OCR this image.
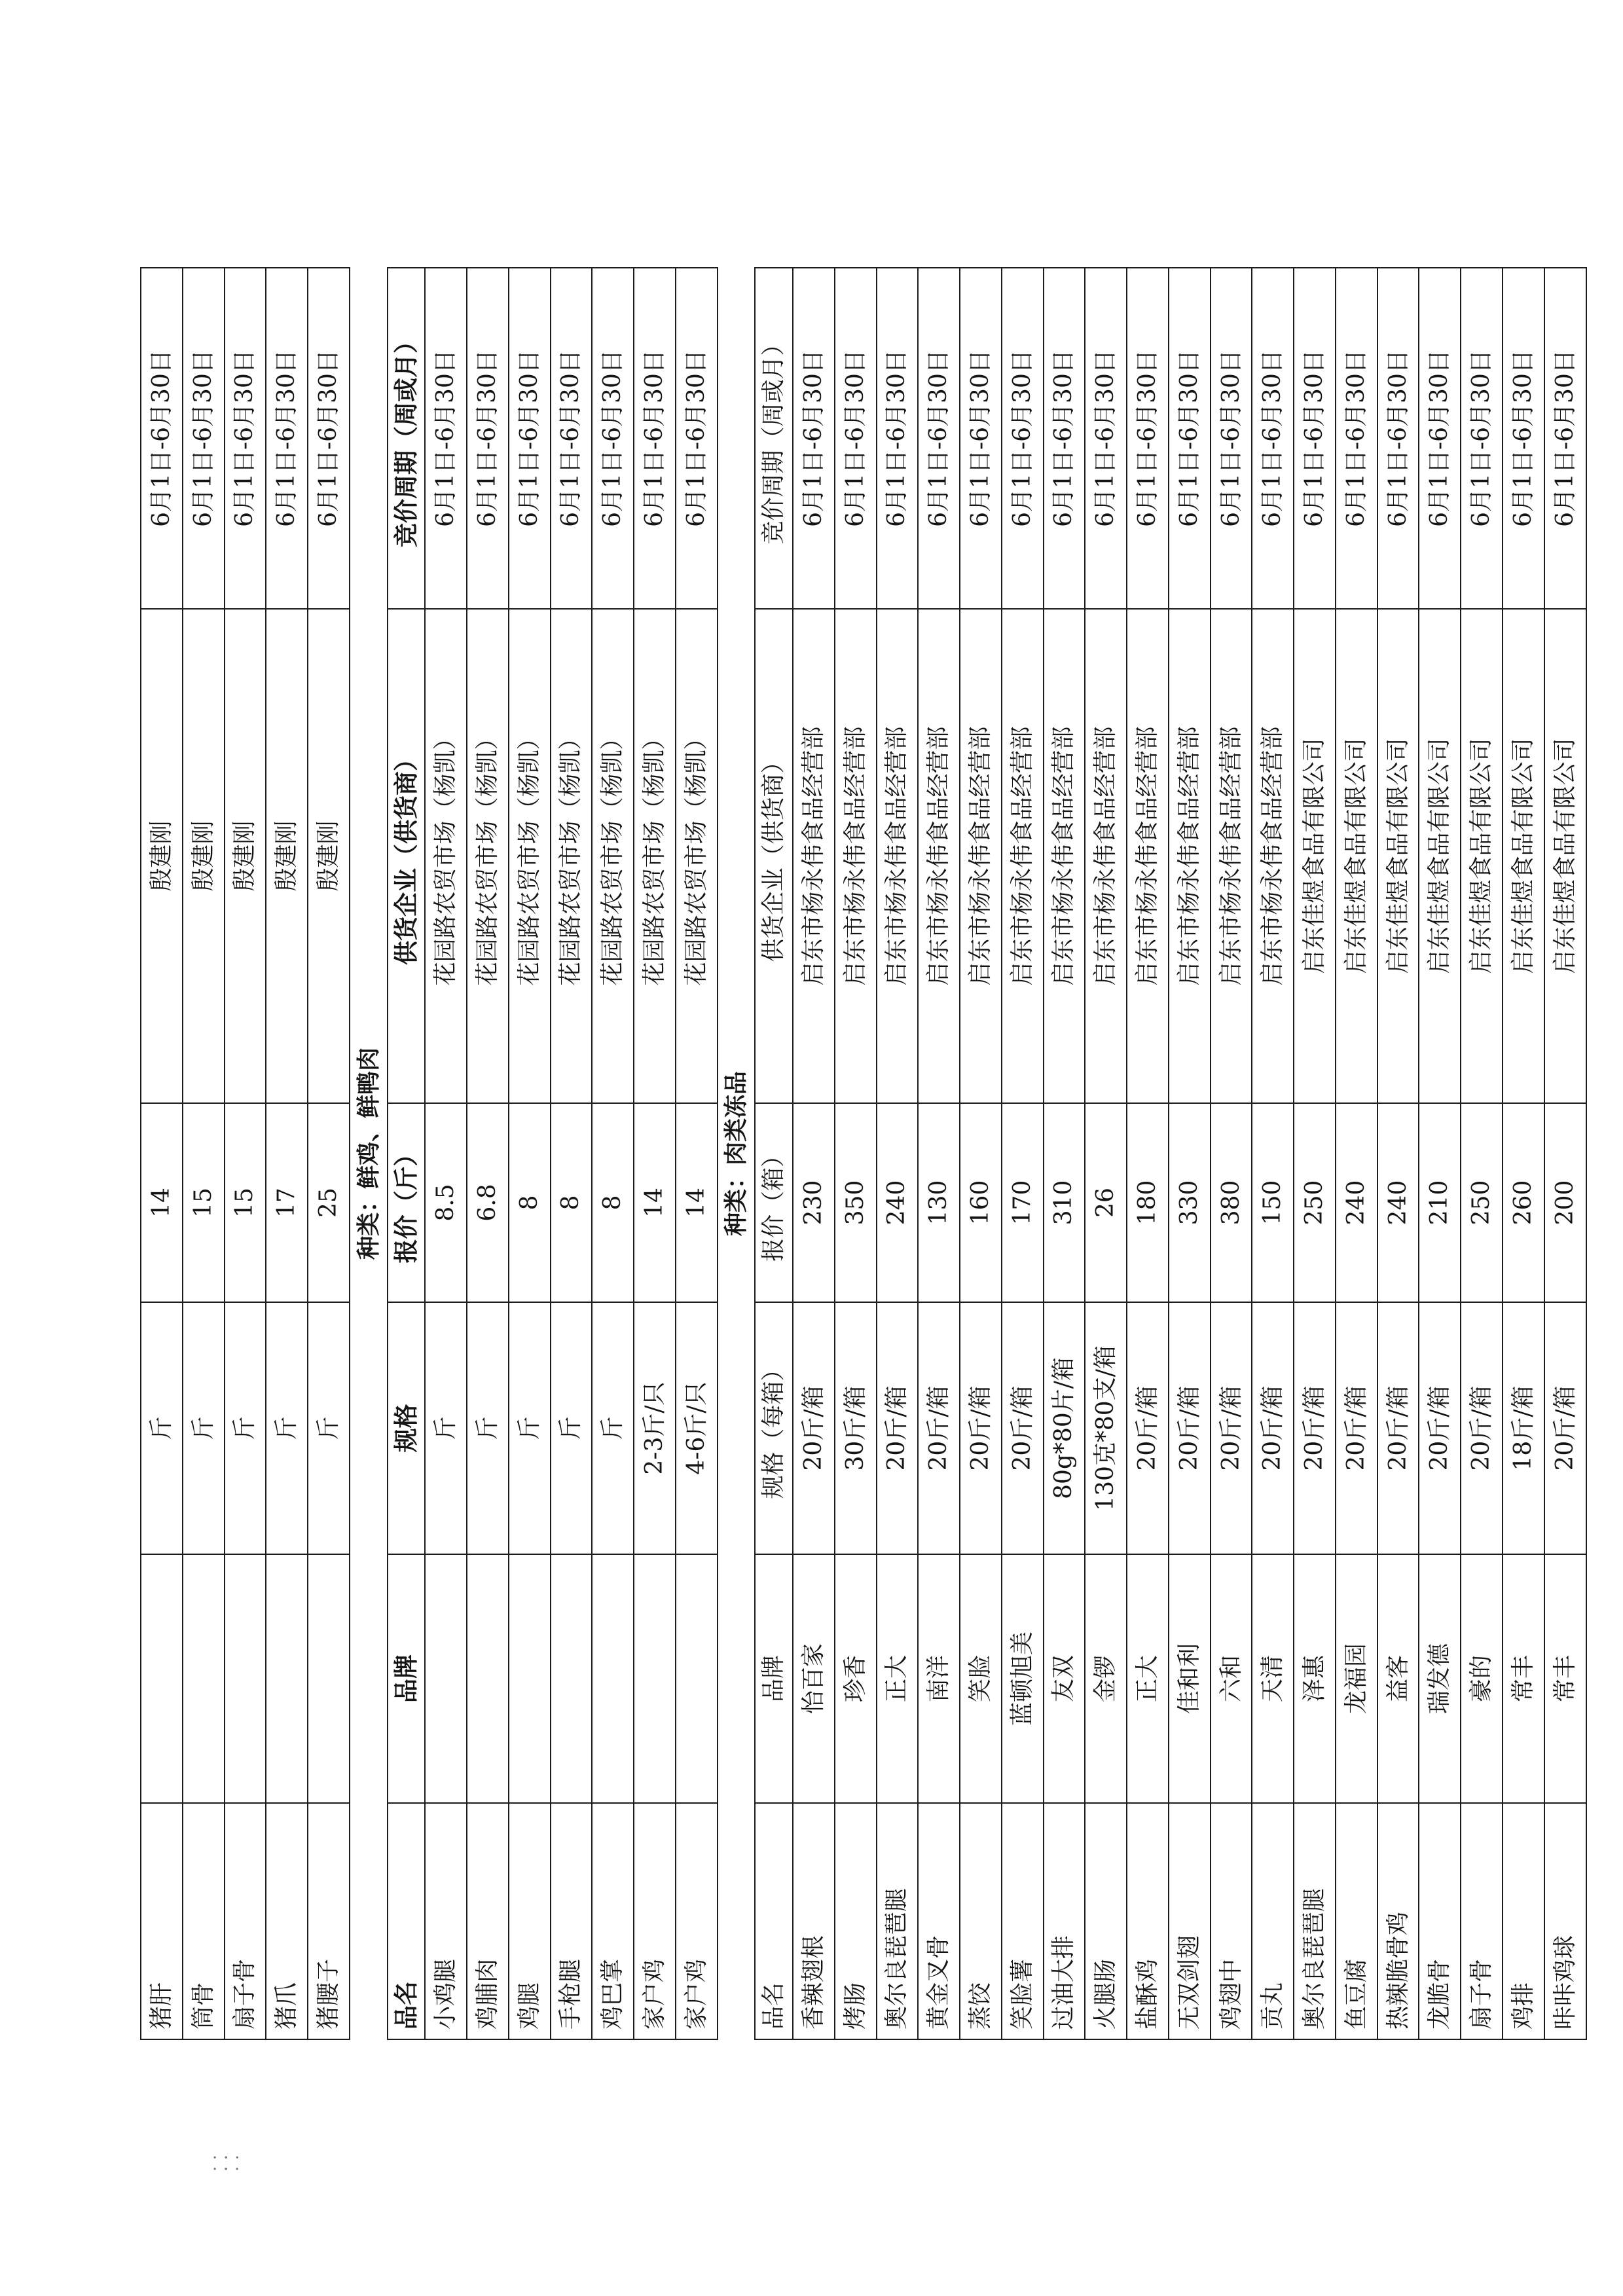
⸬⸬
猪肝		斤	14	殷建刚	6月1日-6月30日
筒骨		斤	15	殷建刚	6月1日-6月30日
扇子骨		斤	15	殷建刚	6月1日-6月30日
猪爪		斤	17	殷建刚	6月1日-6月30日
猪腰子		斤	25	殷建刚	6月1日-6月30日
种类：鲜鸡、鲜鸭肉					
品名	品牌	规格	报价（斤）	供货企业（供货商）	竞价周期（周或月）
小鸡腿		斤	8.5	花园路农贸市场（杨凯）	6月1日-6月30日
鸡脯肉		斤	6.8	花园路农贸市场（杨凯）	6月1日-6月30日
鸡腿		斤	8	花园路农贸市场（杨凯）	6月1日-6月30日
手枪腿		斤	8	花园路农贸市场（杨凯）	6月1日-6月30日
鸡巴掌		斤	8	花园路农贸市场（杨凯）	6月1日-6月30日
家户鸡		2-3斤/只	14	花园路农贸市场（杨凯）	6月1日-6月30日
家户鸡		4-6斤/只	14	花园路农贸市场（杨凯）	6月1日-6月30日
种类：肉类冻品					
品名	品牌	规格（每箱）	报价（箱）	供货企业（供货商）	竞价周期（周或月）
香辣翅根	怡百家	20斤/箱	230	启东市杨永伟食品经营部	6月1日-6月30日
烤肠	珍香	30斤/箱	350	启东市杨永伟食品经营部	6月1日-6月30日
奥尔良琵琶腿	正大	20斤/箱	240	启东市杨永伟食品经营部	6月1日-6月30日
黄金叉骨	南洋	20斤/箱	130	启东市杨永伟食品经营部	6月1日-6月30日
蒸饺	笑脸	20斤/箱	160	启东市杨永伟食品经营部	6月1日-6月30日
笑脸薯	蓝顿旭美	20斤/箱	170	启东市杨永伟食品经营部	6月1日-6月30日
过油大排	友双	80g*80片/箱	310	启东市杨永伟食品经营部	6月1日-6月30日
火腿肠	金锣	130克*80支/箱	26	启东市杨永伟食品经营部	6月1日-6月30日
盐酥鸡	正大	20斤/箱	180	启东市杨永伟食品经营部	6月1日-6月30日
无双剑翅	佳和利	20斤/箱	330	启东市杨永伟食品经营部	6月1日-6月30日
鸡翅中	六和	20斤/箱	380	启东市杨永伟食品经营部	6月1日-6月30日
贡丸	天清	20斤/箱	150	启东市杨永伟食品经营部	6月1日-6月30日
奥尔良琵琶腿	泽惠	20斤/箱	250	启东佳煜食品有限公司	6月1日-6月30日
鱼豆腐	龙福园	20斤/箱	240	启东佳煜食品有限公司	6月1日-6月30日
热辣脆骨鸡	益客	20斤/箱	240	启东佳煜食品有限公司	6月1日-6月30日
龙脆骨	瑞发德	20斤/箱	210	启东佳煜食品有限公司	6月1日-6月30日
扇子骨	豪的	20斤/箱	250	启东佳煜食品有限公司	6月1日-6月30日
鸡排	常丰	18斤/箱	260	启东佳煜食品有限公司	6月1日-6月30日
咔咔鸡球	常丰	20斤/箱	200	启东佳煜食品有限公司	6月1日-6月30日
